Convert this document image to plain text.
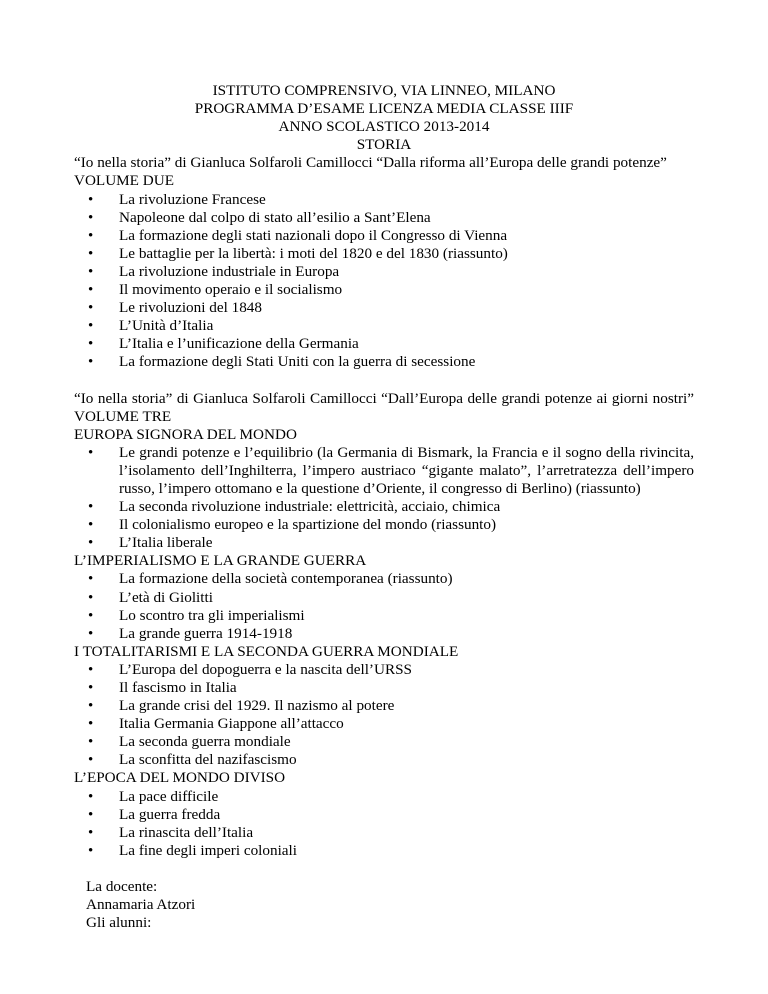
ISTITUTO COMPRENSIVO, VIA LINNEO, MILANO
PROGRAMMA D’ESAME LICENZA MEDIA CLASSE IIIF
ANNO SCOLASTICO 2013-2014
STORIA
“Io nella storia” di Gianluca Solfaroli Camillocci “Dalla riforma all’Europa delle grandi potenze”
VOLUME DUE
• La rivoluzione Francese
• Napoleone dal colpo di stato all’esilio a Sant’Elena
• La formazione degli stati nazionali dopo il Congresso di Vienna
• Le battaglie per la libertà: i moti del 1820 e del 1830 (riassunto)
• La rivoluzione industriale in Europa
• Il movimento operaio e il socialismo
• Le rivoluzioni del 1848
• L’Unità d’Italia
• L’Italia e l’unificazione della Germania
• La formazione degli Stati Uniti con la guerra di secessione
“Io nella storia” di Gianluca Solfaroli Camillocci “Dall’Europa delle grandi potenze ai giorni nostri” VOLUME TRE
EUROPA SIGNORA DEL MONDO
• Le grandi potenze e l’equilibrio (la Germania di Bismark, la Francia e il sogno della rivincita, l’isolamento dell’Inghilterra, l’impero austriaco “gigante malato”, l’arretratezza dell’impero russo, l’impero ottomano e la questione d’Oriente, il congresso di Berlino) (riassunto)
• La seconda rivoluzione industriale: elettricità, acciaio, chimica
• Il colonialismo europeo e la spartizione del mondo (riassunto)
• L’Italia liberale
L’IMPERIALISMO E LA GRANDE GUERRA
• La formazione della società contemporanea (riassunto)
• L’età di Giolitti
• Lo scontro tra gli imperialismi
• La grande guerra 1914-1918
I TOTALITARISMI E LA SECONDA GUERRA MONDIALE
• L’Europa del dopoguerra e la nascita dell’URSS
• Il fascismo in Italia
• La grande crisi del 1929. Il nazismo al potere
• Italia Germania Giappone all’attacco
• La seconda guerra mondiale
• La sconfitta del nazifascismo
L’EPOCA DEL MONDO DIVISO
• La pace difficile
• La guerra fredda
• La rinascita dell’Italia
• La fine degli imperi coloniali
La docente:
Annamaria Atzori
Gli alunni:
